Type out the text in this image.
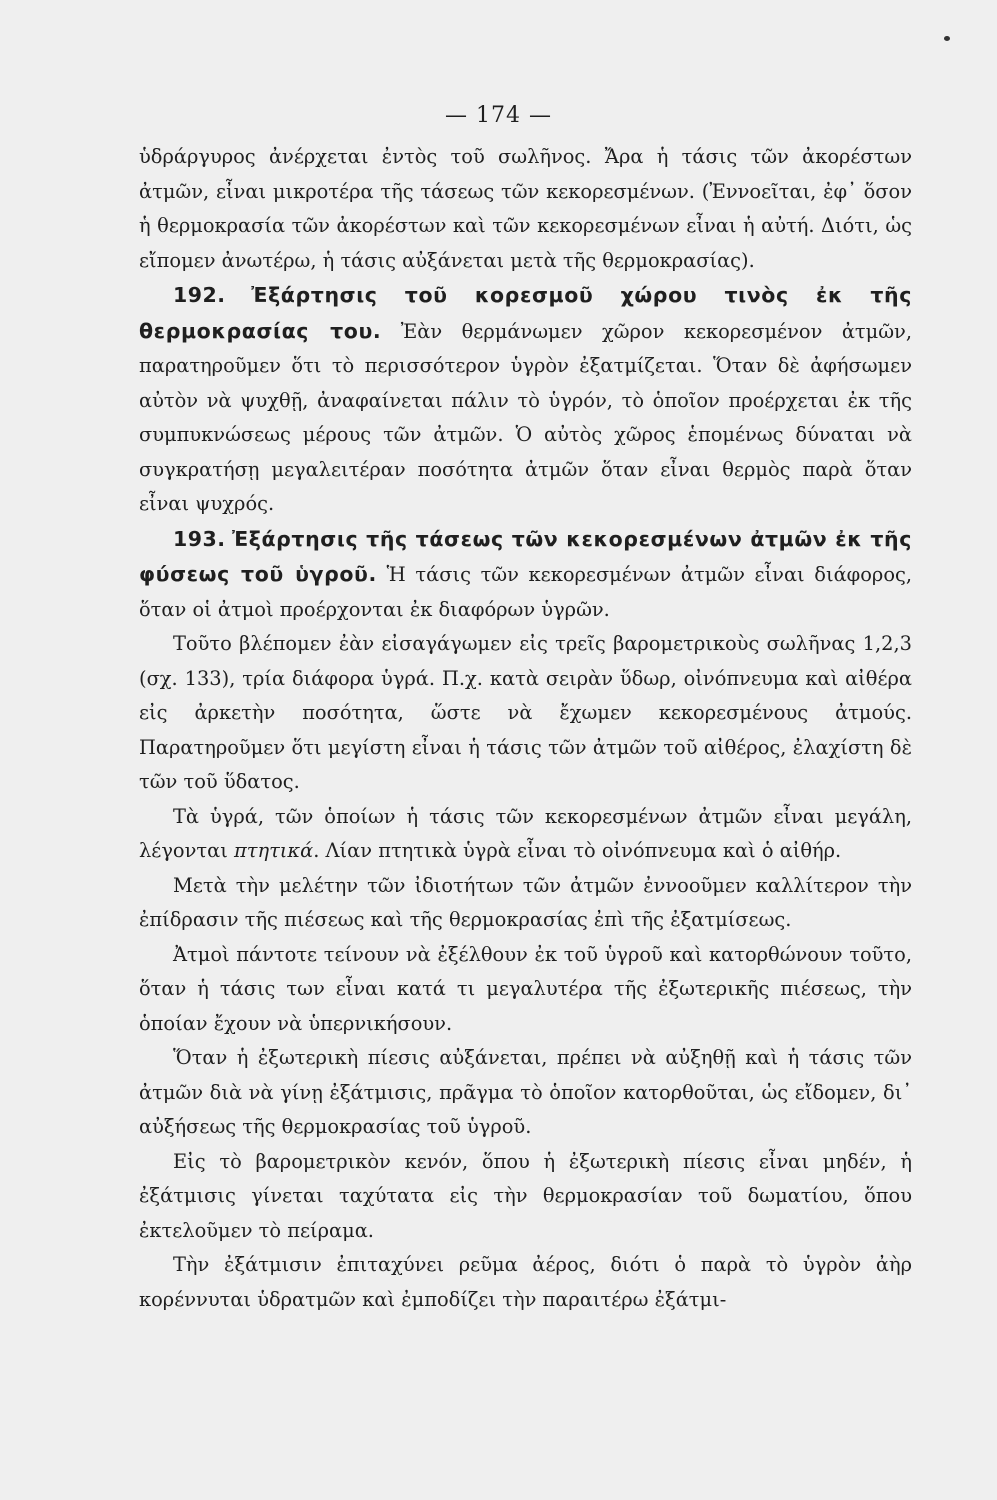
— 174 —

ὑδράργυρος ἀνέρχεται ἐντὸς τοῦ σωλῆνος. Ἄρα ἡ τάσις τῶν ἀκορέστων ἀτμῶν, εἶναι μικροτέρα τῆς τάσεως τῶν κεκορεσμένων. (Ἐννοεῖται, ἐφ᾿ ὅσον ἡ θερμοκρασία τῶν ἀκορέστων καὶ τῶν κεκορεσμένων εἶναι ἡ αὐτή. Διότι, ὡς εἴπομεν ἀνωτέρω, ἡ τάσις αὐξάνεται μετὰ τῆς θερμοκρασίας).

192. Ἐξάρτησις τοῦ κορεσμοῦ χώρου τινὸς ἐκ τῆς θερμοκρασίας του. Ἐὰν θερμάνωμεν χῶρον κεκορεσμένον ἀτμῶν, παρατηροῦμεν ὅτι τὸ περισσότερον ὑγρὸν ἐξατμίζεται. Ὅταν δὲ ἀφήσωμεν αὐτὸν νὰ ψυχθῇ, ἀναφαίνεται πάλιν τὸ ὑγρόν, τὸ ὁποῖον προέρχεται ἐκ τῆς συμπυκνώσεως μέρους τῶν ἀτμῶν. Ὁ αὐτὸς χῶρος ἑπομένως δύναται νὰ συγκρατήσῃ μεγαλειτέραν ποσότητα ἀτμῶν ὅταν εἶναι θερμὸς παρὰ ὅταν εἶναι ψυχρός.

193. Ἐξάρτησις τῆς τάσεως τῶν κεκορεσμένων ἀτμῶν ἐκ τῆς φύσεως τοῦ ὑγροῦ. Ἡ τάσις τῶν κεκορεσμένων ἀτμῶν εἶναι διάφορος, ὅταν οἱ ἀτμοὶ προέρχονται ἐκ διαφόρων ὑγρῶν.

Τοῦτο βλέπομεν ἐὰν εἰσαγάγωμεν εἰς τρεῖς βαρομετρικοὺς σωλῆνας 1,2,3 (σχ. 133), τρία διάφορα ὑγρά. Π.χ. κατὰ σειρὰν ὕδωρ, οἰνόπνευμα καὶ αἰθέρα εἰς ἀρκετὴν ποσότητα, ὥστε νὰ ἔχωμεν κεκορεσμένους ἀτμούς. Παρατηροῦμεν ὅτι μεγίστη εἶναι ἡ τάσις τῶν ἀτμῶν τοῦ αἰθέρος, ἐλαχίστη δὲ τῶν τοῦ ὕδατος.

Τὰ ὑγρά, τῶν ὁποίων ἡ τάσις τῶν κεκορεσμένων ἀτμῶν εἶναι μεγάλη, λέγονται πτητικά. Λίαν πτητικὰ ὑγρὰ εἶναι τὸ οἰνόπνευμα καὶ ὁ αἰθήρ.

Μετὰ τὴν μελέτην τῶν ἰδιοτήτων τῶν ἀτμῶν ἐννοοῦμεν καλλίτερον τὴν ἐπίδρασιν τῆς πιέσεως καὶ τῆς θερμοκρασίας ἐπὶ τῆς ἐξατμίσεως.

Ἀτμοὶ πάντοτε τείνουν νὰ ἐξέλθουν ἐκ τοῦ ὑγροῦ καὶ κατορθώνουν τοῦτο, ὅταν ἡ τάσις των εἶναι κατά τι μεγαλυτέρα τῆς ἐξωτερικῆς πιέσεως, τὴν ὁποίαν ἔχουν νὰ ὑπερνικήσουν.

Ὅταν ἡ ἐξωτερικὴ πίεσις αὐξάνεται, πρέπει νὰ αὐξηθῇ καὶ ἡ τάσις τῶν ἀτμῶν διὰ νὰ γίνῃ ἐξάτμισις, πρᾶγμα τὸ ὁποῖον κατορθοῦται, ὡς εἴδομεν, δι᾿ αὐξήσεως τῆς θερμοκρασίας τοῦ ὑγροῦ.

Εἰς τὸ βαρομετρικὸν κενόν, ὅπου ἡ ἐξωτερικὴ πίεσις εἶναι μηδέν, ἡ ἐξάτμισις γίνεται ταχύτατα εἰς τὴν θερμοκρασίαν τοῦ δωματίου, ὅπου ἐκτελοῦμεν τὸ πείραμα.

Τὴν ἐξάτμισιν ἐπιταχύνει ρεῦμα ἀέρος, διότι ὁ παρὰ τὸ ὑγρὸν ἀὴρ κορέννυται ὑδρατμῶν καὶ ἐμποδίζει τὴν παραιτέρω ἐξάτμι-
